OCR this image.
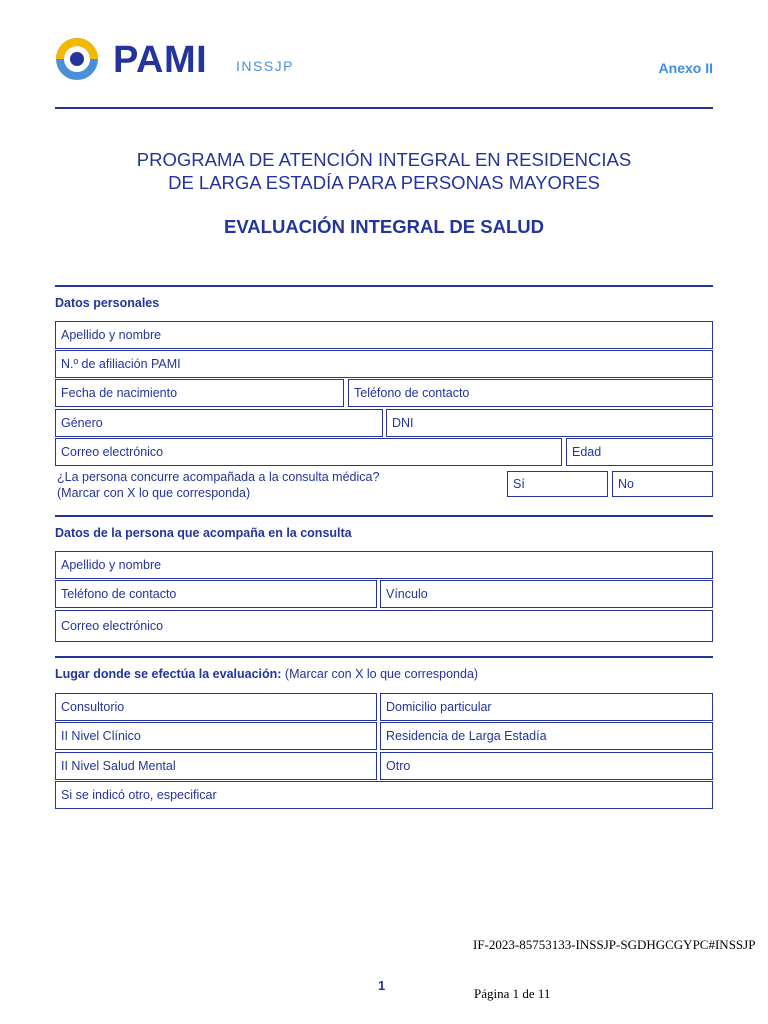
PAMI INSSJP	Anexo II
PROGRAMA DE ATENCIÓN INTEGRAL EN RESIDENCIAS
DE LARGA ESTADÍA PARA PERSONAS MAYORES
EVALUACIÓN INTEGRAL DE SALUD
Datos personales
Apellido y nombre
N.º de afiliación PAMI
Fecha de nacimiento	Teléfono de contacto
Género	DNI
Correo electrónico	Edad
¿La persona concurre acompañada a la consulta médica?
(Marcar con X lo que corresponda)
Sí	No
Datos de la persona que acompaña en la consulta
Apellido y nombre
Teléfono de contacto	Vínculo
Correo electrónico
Lugar donde se efectúa la evaluación: (Marcar con X lo que corresponda)
Consultorio	Domicilio particular
II Nivel Clínico	Residencia de Larga Estadía
II Nivel Salud Mental	Otro
Si se indicó otro, especificar
IF-2023-85753133-INSSJP-SGDHGCGYPC#INSSJP
1
Página 1 de 11
